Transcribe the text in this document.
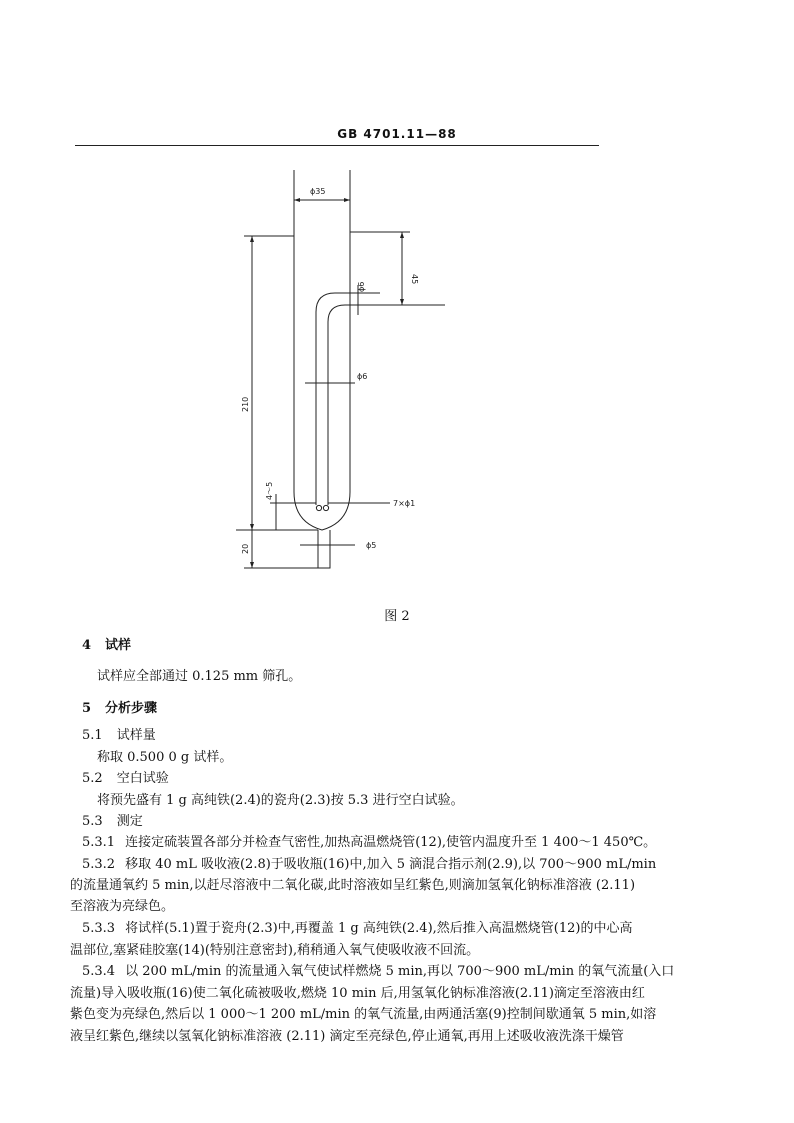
GB 4701.11—88
ϕ35
ϕ6
45
ϕ6
210
4～5
7×ϕ1
20	ϕ5
图 2
4 试样
试样应全部通过 0.125 mm 筛孔。
5 分析步骤
5.1 试样量
称取 0.500 0 g 试样。
5.2 空白试验
将预先盛有 1 g 高纯铁(2.4)的瓷舟(2.3)按 5.3 进行空白试验。
5.3 测定
5.3.1 连接定硫装置各部分并检查气密性,加热高温燃烧管(12),使管内温度升至 1 400～1 450℃。
5.3.2 移取 40 mL 吸收液(2.8)于吸收瓶(16)中,加入 5 滴混合指示剂(2.9),以 700～900 mL/min
的流量通氧约 5 min,以赶尽溶液中二氧化碳,此时溶液如呈红紫色,则滴加氢氧化钠标准溶液 (2.11)
至溶液为亮绿色。
5.3.3 将试样(5.1)置于瓷舟(2.3)中,再覆盖 1 g 高纯铁(2.4),然后推入高温燃烧管(12)的中心高
温部位,塞紧硅胶塞(14)(特别注意密封),稍稍通入氧气使吸收液不回流。
5.3.4 以 200 mL/min 的流量通入氧气使试样燃烧 5 min,再以 700～900 mL/min 的氧气流量(入口
流量)导入吸收瓶(16)使二氧化硫被吸收,燃烧 10 min 后,用氢氧化钠标准溶液(2.11)滴定至溶液由红
紫色变为亮绿色,然后以 1 000～1 200 mL/min 的氧气流量,由两通活塞(9)控制间歇通氧 5 min,如溶
液呈红紫色,继续以氢氧化钠标准溶液 (2.11) 滴定至亮绿色,停止通氧,再用上述吸收液洗涤干燥管
